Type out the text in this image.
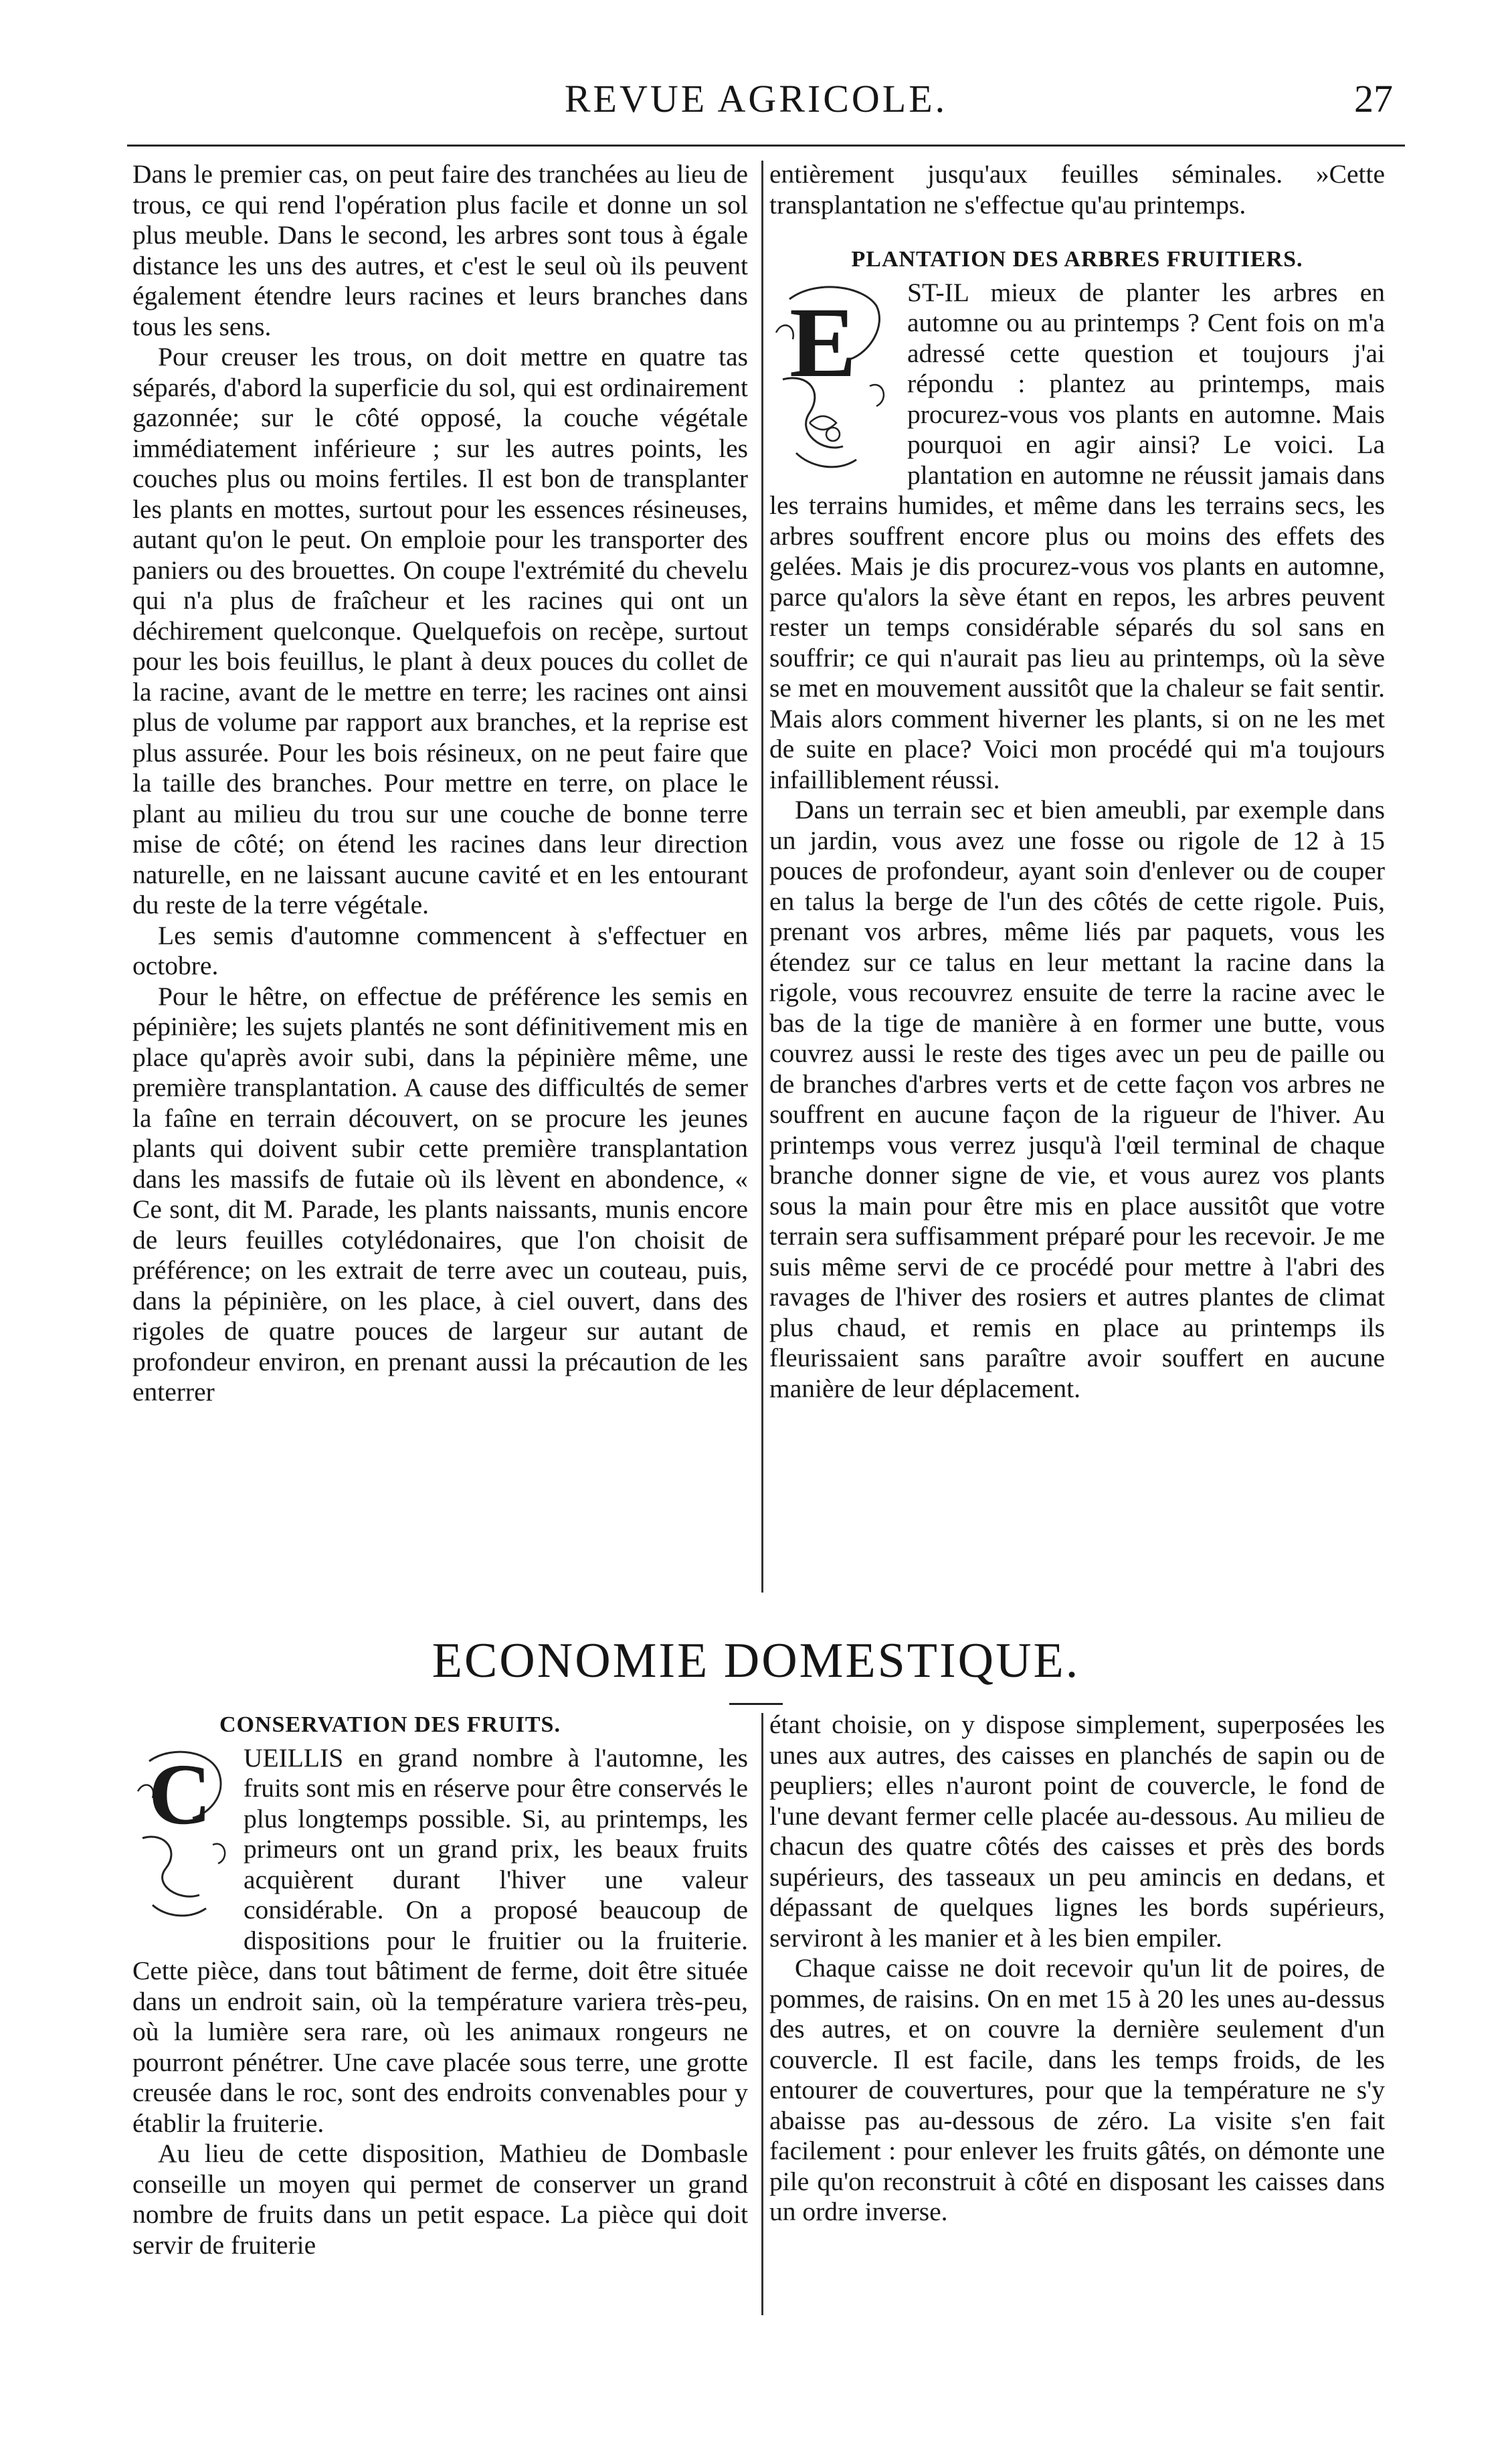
REVUE AGRICOLE.	27

Dans le premier cas, on peut faire des tranchées au lieu de trous, ce qui rend l'opération plus facile et donne un sol plus meuble. Dans le second, les arbres sont tous à égale distance les uns des autres, et c'est le seul où ils peuvent également étendre leurs racines et leurs branches dans tous les sens.

Pour creuser les trous, on doit mettre en quatre tas séparés, d'abord la superficie du sol, qui est ordinairement gazonnée; sur le côté opposé, la couche végétale immédiatement inférieure ; sur les autres points, les couches plus ou moins fertiles. Il est bon de transplanter les plants en mottes, surtout pour les essences résineuses, autant qu'on le peut. On emploie pour les transporter des paniers ou des brouettes. On coupe l'extrémité du chevelu qui n'a plus de fraîcheur et les racines qui ont un déchirement quelconque. Quelquefois on recèpe, surtout pour les bois feuillus, le plant à deux pouces du collet de la racine, avant de le mettre en terre; les racines ont ainsi plus de volume par rapport aux branches, et la reprise est plus assurée. Pour les bois résineux, on ne peut faire que la taille des branches. Pour mettre en terre, on place le plant au milieu du trou sur une couche de bonne terre mise de côté; on étend les racines dans leur direction naturelle, en ne laissant aucune cavité et en les entourant du reste de la terre végétale.

Les semis d'automne commencent à s'effectuer en octobre.

Pour le hêtre, on effectue de préférence les semis en pépinière; les sujets plantés ne sont définitivement mis en place qu'après avoir subi, dans la pépinière même, une première transplantation. A cause des difficultés de semer la faîne en terrain découvert, on se procure les jeunes plants qui doivent subir cette première transplantation dans les massifs de futaie où ils lèvent en abondence, « Ce sont, dit M. Parade, les plants naissants, munis encore de leurs feuilles cotylédonaires, que l'on choisit de préférence; on les extrait de terre avec un couteau, puis, dans la pépinière, on les place, à ciel ouvert, dans des rigoles de quatre pouces de largeur sur autant de profondeur environ, en prenant aussi la précaution de les enterrer

entièrement jusqu'aux feuilles séminales. »Cette transplantation ne s'effectue qu'au printemps.

PLANTATION DES ARBRES FRUITIERS.
E	ST-IL mieux de planter les arbres en automne ou au printemps ? Cent fois on m'a adressé cette question et toujours j'ai répondu : plantez au printemps, mais procurez-vous vos plants en automne. Mais pourquoi en agir ainsi? Le voici. La plantation en automne ne réussit jamais dans les terrains humides, et même dans les terrains secs, les arbres souffrent encore plus ou moins des effets des gelées. Mais je dis procurez-vous vos plants en automne, parce qu'alors la sève étant en repos, les arbres peuvent rester un temps considérable séparés du sol sans en souffrir; ce qui n'aurait pas lieu au printemps, où la sève se met en mouvement aussitôt que la chaleur se fait sentir. Mais alors comment hiverner les plants, si on ne les met de suite en place? Voici mon procédé qui m'a toujours infailliblement réussi.

Dans un terrain sec et bien ameubli, par exemple dans un jardin, vous avez une fosse ou rigole de 12 à 15 pouces de profondeur, ayant soin d'enlever ou de couper en talus la berge de l'un des côtés de cette rigole. Puis, prenant vos arbres, même liés par paquets, vous les étendez sur ce talus en leur mettant la racine dans la rigole, vous recouvrez ensuite de terre la racine avec le bas de la tige de manière à en former une butte, vous couvrez aussi le reste des tiges avec un peu de paille ou de branches d'arbres verts et de cette façon vos arbres ne souffrent en aucune façon de la rigueur de l'hiver. Au printemps vous verrez jusqu'à l'œil terminal de chaque branche donner signe de vie, et vous aurez vos plants sous la main pour être mis en place aussitôt que votre terrain sera suffisamment préparé pour les recevoir. Je me suis même servi de ce procédé pour mettre à l'abri des ravages de l'hiver des rosiers et autres plantes de climat plus chaud, et remis en place au printemps ils fleurissaient sans paraître avoir souffert en aucune manière de leur déplacement.

ECONOMIE DOMESTIQUE.
CONSERVATION DES FRUITS.
C	UEILLIS en grand nombre à l'automne, les fruits sont mis en réserve pour être conservés le plus longtemps possible. Si, au printemps, les primeurs ont un grand prix, les beaux fruits acquièrent durant l'hiver une valeur considérable. On a proposé beaucoup de dispositions pour le fruitier ou la fruiterie. Cette pièce, dans tout bâtiment de ferme, doit être située dans un endroit sain, où la température variera très-peu, où la lumière sera rare, où les animaux rongeurs ne pourront pénétrer. Une cave placée sous terre, une grotte creusée dans le roc, sont des endroits convenables pour y établir la fruiterie.

Au lieu de cette disposition, Mathieu de Dombasle conseille un moyen qui permet de conserver un grand nombre de fruits dans un petit espace. La pièce qui doit servir de fruiterie

étant choisie, on y dispose simplement, superposées les unes aux autres, des caisses en planchés de sapin ou de peupliers; elles n'auront point de couvercle, le fond de l'une devant fermer celle placée au-dessous. Au milieu de chacun des quatre côtés des caisses et près des bords supérieurs, des tasseaux un peu amincis en dedans, et dépassant de quelques lignes les bords supérieurs, serviront à les manier et à les bien empiler.

Chaque caisse ne doit recevoir qu'un lit de poires, de pommes, de raisins. On en met 15 à 20 les unes au-dessus des autres, et on couvre la dernière seulement d'un couvercle. Il est facile, dans les temps froids, de les entourer de couvertures, pour que la température ne s'y abaisse pas au-dessous de zéro. La visite s'en fait facilement : pour enlever les fruits gâtés, on démonte une pile qu'on reconstruit à côté en disposant les caisses dans un ordre inverse.
